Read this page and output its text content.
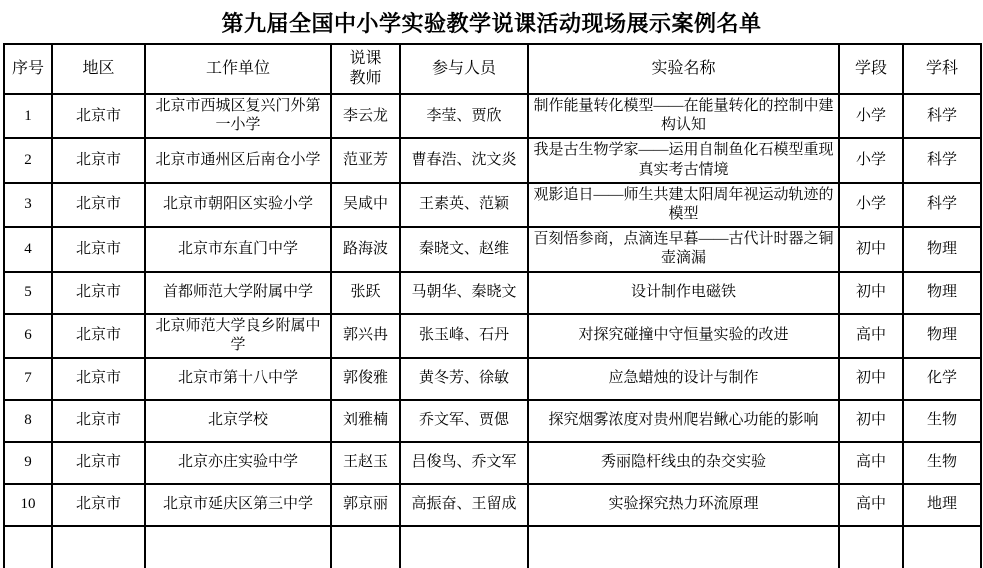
第九届全国中小学实验教学说课活动现场展示案例名单
序号	地区	工作单位	说课教师	参与人员	实验名称	学段	学科
1	北京市	北京市西城区复兴门外第一小学	李云龙	李莹、贾欣	制作能量转化模型——在能量转化的控制中建构认知	小学	科学
2	北京市	北京市通州区后南仓小学	范亚芳	曹春浩、沈文炎	我是古生物学家——运用自制鱼化石模型重现真实考古情境	小学	科学
3	北京市	北京市朝阳区实验小学	吴咸中	王素英、范颖	观影追日——师生共建太阳周年视运动轨迹的模型	小学	科学
4	北京市	北京市东直门中学	路海波	秦晓文、赵维	百刻悟参商，点滴连早暮——古代计时器之铜壶滴漏	初中	物理
5	北京市	首都师范大学附属中学	张跃	马朝华、秦晓文	设计制作电磁铁	初中	物理
6	北京市	北京师范大学良乡附属中学	郭兴冉	张玉峰、石丹	对探究碰撞中守恒量实验的改进	高中	物理
7	北京市	北京市第十八中学	郭俊雅	黄冬芳、徐敏	应急蜡烛的设计与制作	初中	化学
8	北京市	北京学校	刘雅楠	乔文军、贾偲	探究烟雾浓度对贵州爬岩鳅心功能的影响	初中	生物
9	北京市	北京亦庄实验中学	王赵玉	吕俊鸟、乔文军	秀丽隐杆线虫的杂交实验	高中	生物
10	北京市	北京市延庆区第三中学	郭京丽	高振奋、王留成	实验探究热力环流原理	高中	地理
